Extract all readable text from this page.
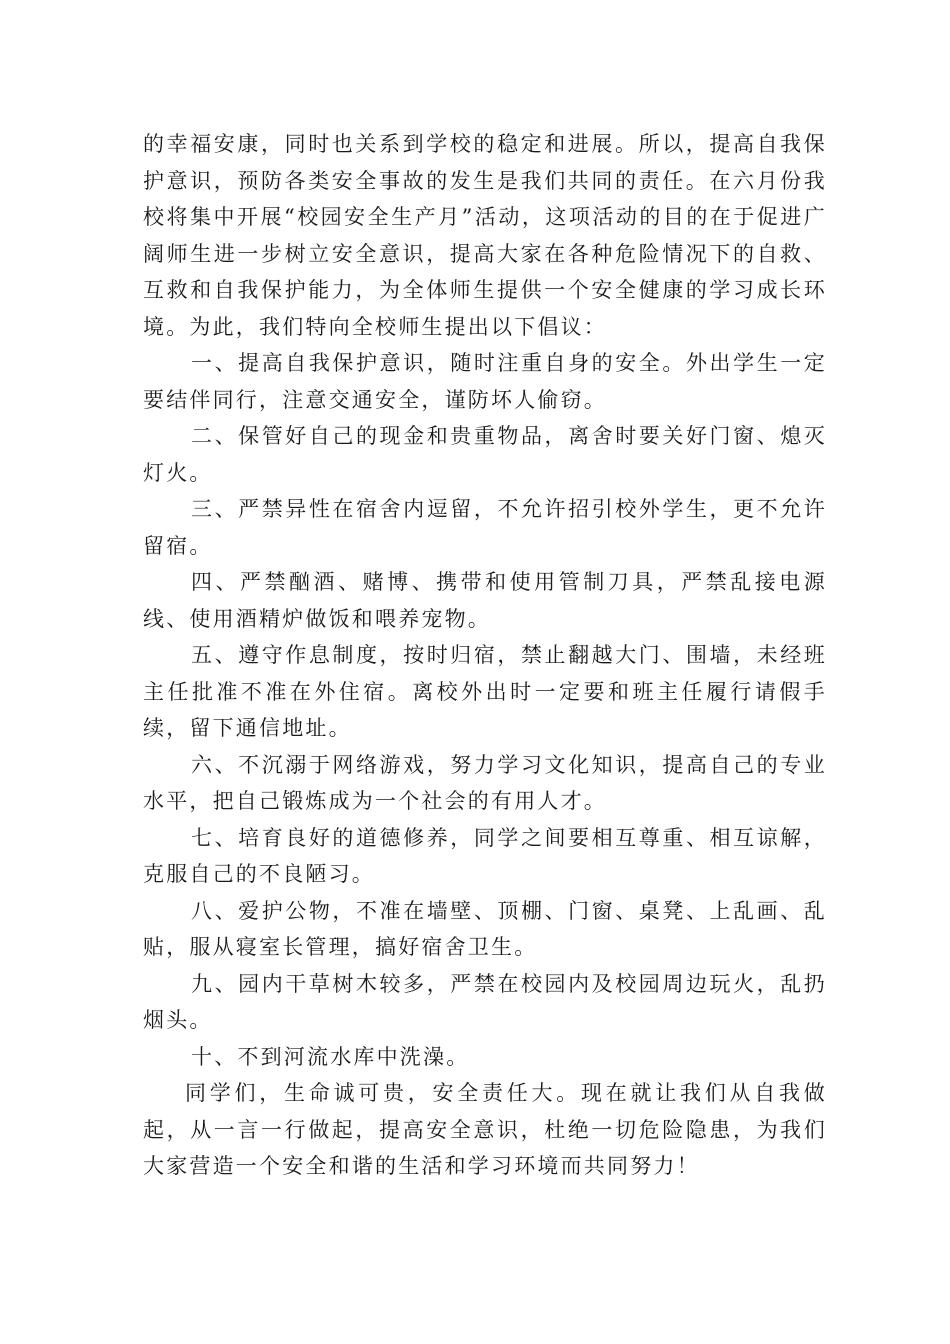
的幸福安康，同时也关系到学校的稳定和进展。所以，提高自我保护意识，预防各类安全事故的发生是我们共同的责任。在六月份我校将集中开展“校园安全生产月”活动，这项活动的目的在于促进广阔师生进一步树立安全意识，提高大家在各种危险情况下的自救、互救和自我保护能力，为全体师生提供一个安全健康的学习成长环境。为此，我们特向全校师生提出以下倡议：

一、提高自我保护意识，随时注重自身的安全。外出学生一定要结伴同行，注意交通安全，谨防坏人偷窃。

二、保管好自己的现金和贵重物品，离舍时要关好门窗、熄灭灯火。

三、严禁异性在宿舍内逗留，不允许招引校外学生，更不允许留宿。

四、严禁酗酒、赌博、携带和使用管制刀具，严禁乱接电源线、使用酒精炉做饭和喂养宠物。

五、遵守作息制度，按时归宿，禁止翻越大门、围墙，未经班主任批准不准在外住宿。离校外出时一定要和班主任履行请假手续，留下通信地址。

六、不沉溺于网络游戏，努力学习文化知识，提高自己的专业水平，把自己锻炼成为一个社会的有用人才。

七、培育良好的道德修养，同学之间要相互尊重、相互谅解，克服自己的不良陋习。

八、爱护公物，不准在墙壁、顶棚、门窗、桌凳、上乱画、乱贴，服从寝室长管理，搞好宿舍卫生。

九、园内干草树木较多，严禁在校园内及校园周边玩火，乱扔烟头。

十、不到河流水库中洗澡。

同学们，生命诚可贵，安全责任大。现在就让我们从自我做起，从一言一行做起，提高安全意识，杜绝一切危险隐患，为我们大家营造一个安全和谐的生活和学习环境而共同努力！
